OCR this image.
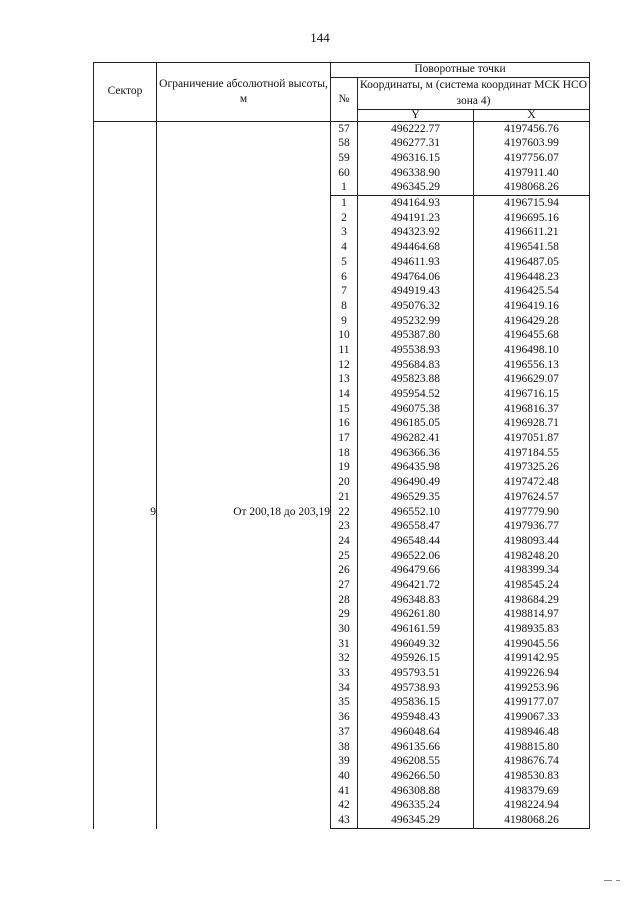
144
Сектор	Ограничение абсолютной высоты, м	Поворотные точки		
		№	Координаты, м (система координат МСК НСО зона 4)	

			Y	X
		57	496222.77	4197456.76
		58	496277.31	4197603.99
		59	496316.15	4197756.07
		60	496338.90	4197911.40
		1	496345.29	4198068.26
9	От 200,18 до 203,19	1	494164.93	4196715.94
		2	494191.23	4196695.16
		3	494323.92	4196611.21
		4	494464.68	4196541.58
		5	494611.93	4196487.05
		6	494764.06	4196448.23
		7	494919.43	4196425.54
		8	495076.32	4196419.16
		9	495232.99	4196429.28
		10	495387.80	4196455.68
		11	495538.93	4196498.10
		12	495684.83	4196556.13
		13	495823.88	4196629.07
		14	495954.52	4196716.15
		15	496075.38	4196816.37
		16	496185.05	4196928.71
		17	496282.41	4197051.87
		18	496366.36	4197184.55
		19	496435.98	4197325.26
		20	496490.49	4197472.48
		21	496529.35	4197624.57
		22	496552.10	4197779.90
		23	496558.47	4197936.77
		24	496548.44	4198093.44
		25	496522.06	4198248.20
		26	496479.66	4198399.34
		27	496421.72	4198545.24
		28	496348.83	4198684.29
		29	496261.80	4198814.97
		30	496161.59	4198935.83
		31	496049.32	4199045.56
		32	495926.15	4199142.95
		33	495793.51	4199226.94
		34	495738.93	4199253.96
		35	495836.15	4199177.07
		36	495948.43	4199067.33
		37	496048.64	4198946.48
		38	496135.66	4198815.80
		39	496208.55	4198676.74
		40	496266.50	4198530.83
		41	496308.88	4198379.69
		42	496335.24	4198224.94
		43	496345.29	4198068.26
